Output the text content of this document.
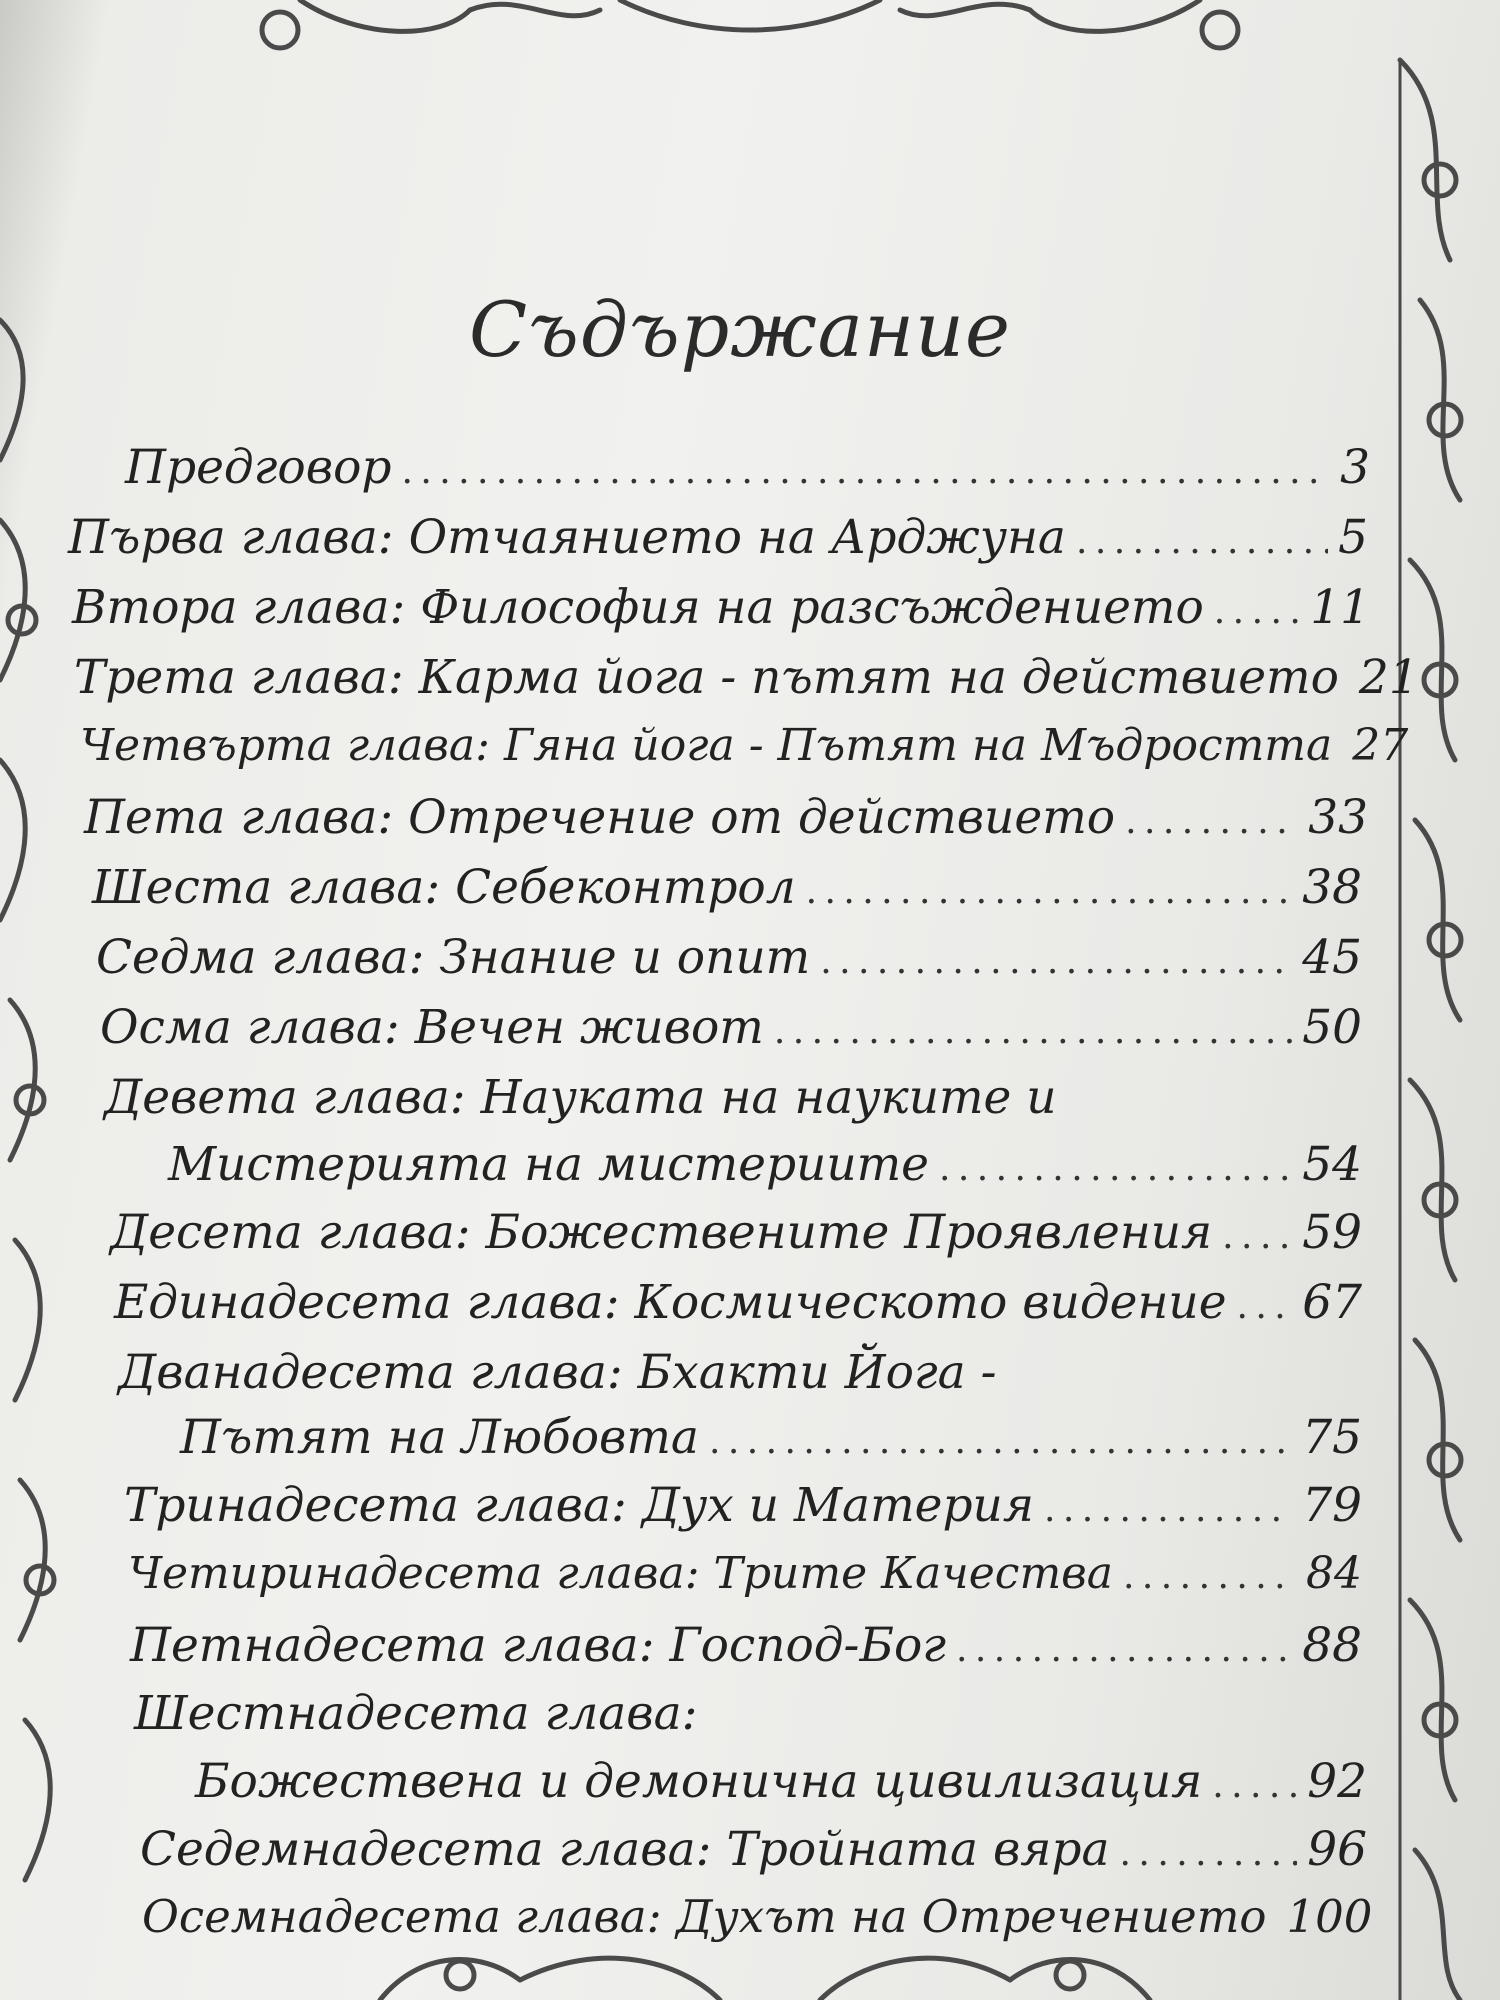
Съдържание
Предговор . . .	3
Първа глава: Отчаянието на Арджуна . . .	5
Втора глава: Философия на разсъждението . . . 11
Трета глава: Карма йога - пътят на действието 21
Четвърта глава: Гяна йога - Пътят на Мъдростта 27
Пета глава: Отречение от действието . . .	33
Шеста глава: Себеконтрол . . .	38
Седма глава: Знание и опит . . .	45
Осма глава: Вечен живот . . .	50
Девета глава: Науката на науките и
Мистерията на мистериите . . .	54
Десета глава: Божествените Проявления . . . 59
Единадесета глава: Космическото видение . . . 67
Дванадесета глава: Бхакти Йога -
Пътят на Любовта . . .	75
Тринадесета глава: Дух и Материя . . .	79
Четиринадесета глава: Трите Качества . . .	84
Петнадесета глава: Господ-Бог . . .	88
Шестнадесета глава:
Божествена и демонична цивилизация . . . 92
Седемнадесета глава: Тройната вяра . . .	96
Осемнадесета глава: Духът на Отречението 100
